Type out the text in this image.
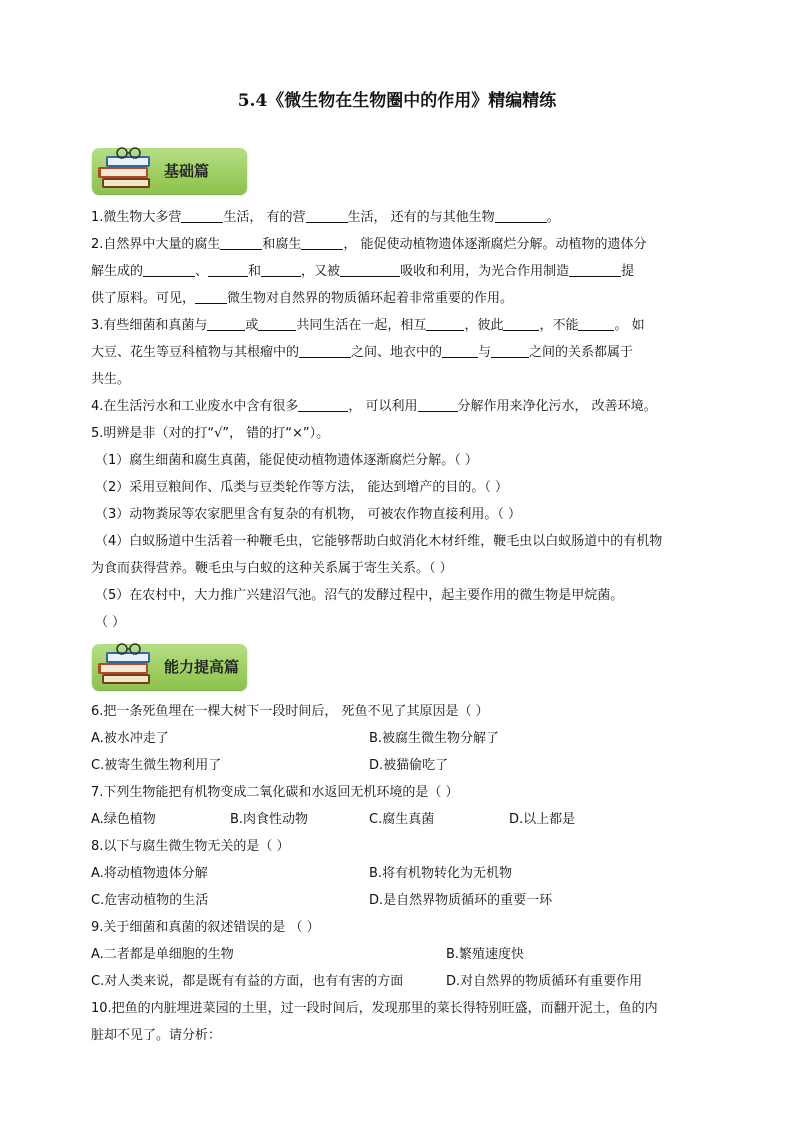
5.4《微生物在生物圈中的作用》精编精练
基础篇
能力提高篇
1.微生物大多营	生活， 有的营	生活， 还有的与其他生物	。
2.自然界中大量的腐生	和腐生	， 能促使动植物遗体逐渐腐烂分解。动植物的遗体分
解生成的	、	和	，又被	吸收和利用，为光合作用制造	提
供了原料。可见， 微生物对自然界的物质循环起着非常重要的作用。
3.有些细菌和真菌与	或	共同生活在一起，相互	，彼此	，不能	。 如
大豆、花生等豆科植物与其根瘤中的	之间、地衣中的	与	之间的关系都属于
共生。
4.在生活污水和工业废水中含有很多	， 可以利用	分解作用来净化污水， 改善环境。
5.明辨是非（对的打“√”， 错的打“×”）。
（1）腐生细菌和腐生真菌，能促使动植物遗体逐渐腐烂分解。（ ）
（2）采用豆粮间作、瓜类与豆类轮作等方法， 能达到增产的目的。（ ）
（3）动物粪尿等农家肥里含有复杂的有机物， 可被农作物直接利用。（ ）
（4）白蚁肠道中生活着一种鞭毛虫，它能够帮助白蚁消化木材纤维，鞭毛虫以白蚁肠道中的有机物
为食而获得营养。鞭毛虫与白蚁的这种关系属于寄生关系。（ ）
（5）在农村中，大力推广兴建沼气池。沼气的发酵过程中，起主要作用的微生物是甲烷菌。
（ ）
6.把一条死鱼埋在一棵大树下一段时间后， 死鱼不见了其原因是（ ）
A.被水冲走了	B.被腐生微生物分解了
C.被寄生微生物利用了	D.被猫偷吃了
7.下列生物能把有机物变成二氧化碳和水返回无机环境的是（ ）
A.绿色植物	B.肉食性动物	C.腐生真菌	D.以上都是
8.以下与腐生微生物无关的是（ ）
A.将动植物遗体分解	B.将有机物转化为无机物
C.危害动植物的生活	D.是自然界物质循环的重要一环
9.关于细菌和真菌的叙述错误的是 （ ）
A.二者都是单细胞的生物	B.繁殖速度快
C.对人类来说，都是既有有益的方面，也有有害的方面	D.对自然界的物质循环有重要作用
10.把鱼的内脏埋进菜园的土里，过一段时间后，发现那里的菜长得特别旺盛，而翻开泥土，鱼的内
脏却不见了。请分析：
